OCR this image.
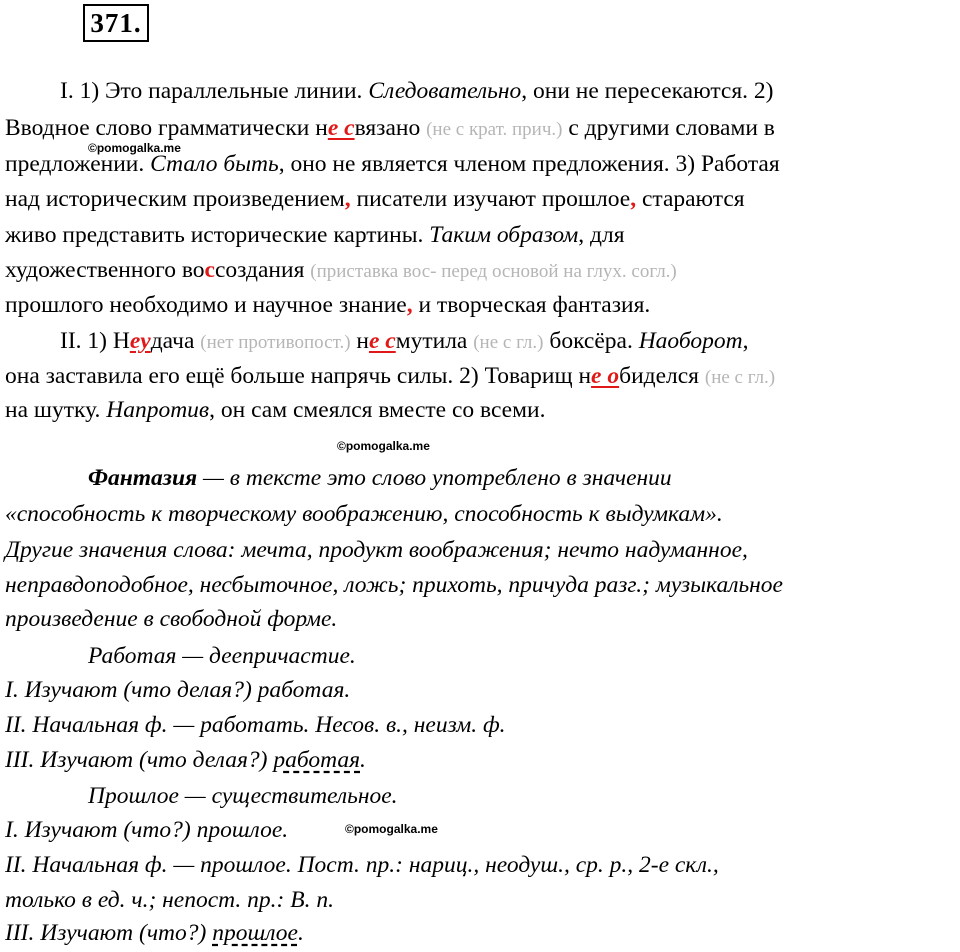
371.
I. 1) Это параллельные линии. Следовательно, они не пересекаются. 2)
Вводное слово грамматически не связано (не с крат. прич.) с другими словами в
©pomogalka.me
предложении. Стало быть, оно не является членом предложения. 3) Работая
над историческим произведением, писатели изучают прошлое, стараются
живо представить исторические картины. Таким образом, для
художественного воссоздания (приставка вос- перед основой на глух. согл.)
прошлого необходимо и научное знание, и творческая фантазия.
II. 1) Неудача (нет противопост.) не смутила (не с гл.) боксёра. Наоборот,
она заставила его ещё больше напрячь силы. 2) Товарищ не обиделся (не с гл.)
на шутку. Напротив, он сам смеялся вместе со всеми.
©pomogalka.me
Фантазия — в тексте это слово употреблено в значении
«способность к творческому воображению, способность к выдумкам».
Другие значения слова: мечта, продукт воображения; нечто надуманное,
неправдоподобное, несбыточное, ложь; прихоть, причуда разг.; музыкальное
произведение в свободной форме.
Работая — деепричастие.
I. Изучают (что делая?) работая.
II. Начальная ф. — работать. Несов. в., неизм. ф.
III. Изучают (что делая?) работая.
Прошлое — существительное.
I. Изучают (что?) прошлое.	©pomogalka.me
II. Начальная ф. — прошлое. Пост. пр.: нариц., неодуш., ср. р., 2-е скл.,
только в ед. ч.; непост. пр.: В. п.
III. Изучают (что?) прошлое.
